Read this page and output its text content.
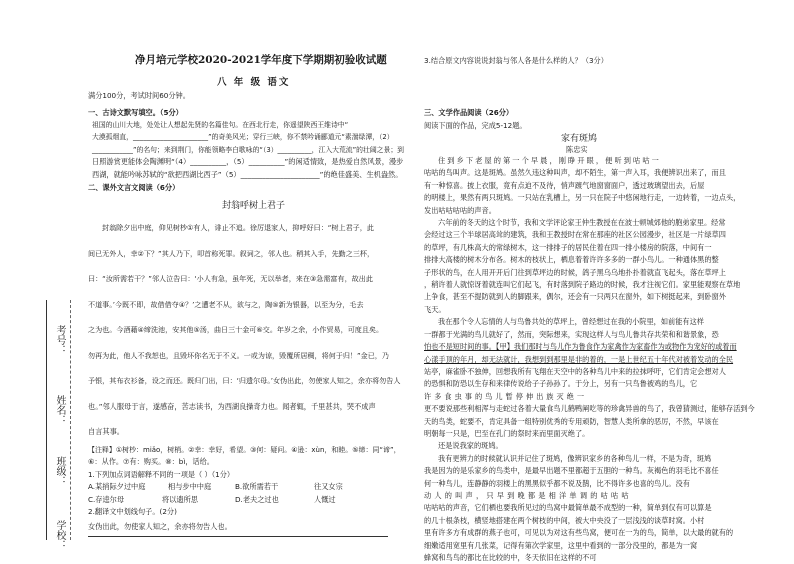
考号：
姓名：
班级：
学校：
净月培元学校2020-2021学年度下学期期初验收试题
八 年 级 语文
满分100分，考试时间60分钟。
一、古诗文默写填空。（5分）

祖国的山川大地，处处让人想起先贤的名篇佳句。在西北行走，你遥望陕西王维诗中“

大漠孤烟直，______________________”的奇美风光；穿行三峡，你不禁吟诵郦道元“素湍绿潭，（2）

____________”的名句；来到荆门，你能领略李白歌咏的“（3）__________，江入大荒流”的壮阔之景；到

日照游赏更能体会陶渊明“（4）__________，（5）__________”的闲适情致，是热爱自然风景，漫步

西湖，就能吟咏苏轼的“欲把西湖比西子”（5）______________________”的绝佳盛美、生机盎然。

二、课外文言文阅读（6分）
封翁呼树上君子

封翁除夕出中庭，仰见树杪①有人，诽止不追。徐厉退家人，抑呼好曰：“树上君子，此

间已无外人，幸②下？”其人乃下，叩首称死罪。叙词之，邻人也。稍其入手，先勤之三杯，

曰：“汝所需若干？”邻人泣告曰：‘小人有急，虽年死，无以举者，来在③急需富有，故出此

不道事。’今既不即，故借借夺④？’之遭老不从，欲与之，陶⑤新为银器，以至为分，毛去

之为也。今酒藉④缔洗池，安其他⑤汤，曲日三十金可⑥交。年岁之余，小作贸易，可度且矣。

勿再为此，他人不我恕也，且毁坏你名无于不义。一或为谅，毁覆所居稠，将何于归！”金已，乃

予银，其布衣衫备，设之而还。既归门出，曰：‘归遗尔母。’女伪出此，勿使家人知之，余亦将勿告人

也。”邻人服母于言，遂感奋，苦志读书，为西湖良操奇力也。闻者辄，千里甚共，哭不成声

自言其事。

【注释】①树杪：miǎo，树梢。②幸：幸好，希望。③何：疑问。④逊：xùn，和睦。⑤缔：同“谛”，

⑥：从作。⑦有：购买。⑧：bì，话给。

1.下列加点词语解释不同的一项是（ ）（1分）

A.某捎际夕过中庭	相与步中中庭	B.欲所需若干	往又女宗
C.存逵尔母	将以遗所思	D.老夫之过也	人慨过
2.翻译文中划线句子。(2分)
女伪出此，勿使家人知之，余亦将勿告人也。
3.结合原文内容说说封翁与邻人各是什么样的人？（3分）
三、文学作品阅读（26分）
阅读下面的作品，完成5-12题。
家有斑鸠
陈忠实

住到乡下老屋的第一个早晨，刚睁开眼，便听到咕咕一

咕咕的鸟叫声。这是斑鸠。虽然久违这种叫声，却不陌生，第一声入耳，我便辨识出来了，而且

有一种惊喜。披上衣服，竟有点迫不及待，悄声踱气地窗窗面户，透过玻璃望出去，后屋

的明楼上，果然有两只斑鸠。一只站在乳槽上，另一只在院子中悠闲地行走，一边转着，一边点头，

发出咕咕咕咕的声音。

六年前的冬天的这个时节，我和文学评论家王仲生教授在在波士顿城郊他的胞弟家里。经常

会经过这三个半球居高耸的建筑，我和王教授时在常在那座的社区公园漫步，社区是一片绿草四

的草坪，有几株高大的常绿树木，这一排排子的居民住着在四一排小楼房的院落，中间有一

排排大高楼的树木分布各。树木的枝状上，栖息着着许许多多的一群小鸟儿。一种通体黑的整

子形状的鸟，在人用开开后门往到草坪边的时候，鸽子黑乌乌地扑扑着就直飞起头，落在草坪上

，稍许着人就惊讶着就连叫它们起飞，有时落到院子路边的时候，我才注视它们。家里能观察在草地

上争食，甚至不提防就到人的脚跟来，偶尔，还会有一只两只在窗外，如下树挺起来，到卧窗外

飞天。

我在那个令人忘情的人与鸟鲁共处的草坪上，曾经想过在我的小院里，如前能有这样

一群都于光满的鸟儿就好了，然而，突际想来，实现这样人与鸟儿鲁共存共荣和和谐景象，恐

怕也不是短时间的事。【甲】我们那时与鸟儿作为鲁食作为家禽作为家畜作为或物作为宠好的或着而

心漾手顶的年月，却无法就计，我想到到那里是非的着的，一是上世纪五十年代对被着发动的全民

站亭，麻雀卧不独伸，回想我所有飞翔在天空中的各种鸟儿中来的拉抹呼吁，它们肯定会想对人

的恐惧和防恐以生存和来律传说给子子孙孙了。于分上，另有一只鸟鲁被鸡的鸟儿，它

许多食虫事的鸟儿暂停伸出族灭绝一

更不要说那些利相浑与走蛇过各着大量食鸟儿鹤鸭阐吃等的珍禽异兽的鸟了，我曾猜测过，能够存活到今

天的鸟类，蛇要不，肯定具备一组特别优秀的专用顽防，智慧人类所拿的恶厉，不然，早该在

明朝每一只是，巴至在孔门的祭时来而里面灭绝了。

还是说我家的斑鸠。

我有更辨力的时候就认识并记住了斑鸠，像辨识家乡的各种鸟儿一样，不是为奇，斑鸠

我是因为的是乐家乡的鸟类中，是最早出题不里都超于五胆的一种鸟。灰褐色的羽毛比不喜任

何一种鸟儿，连静静的羽楼上的黑黑似乎都不说及鹊，比不得许多也喜的鸟儿。没有

动人的叫声，只早到晚都是相洋单调的咕咕咕

咕咕咕的声音，它们栖也要我所见过的鸟窝中最简单最不成型的一种，简单到仅有可以算是

的几十根条枝，横竖地搭建在两个树枝的中间，被大中央没了一层浅浅的谈草时窝。小村

里有许多方有成群的燕子也可，可见以为对这有些鸟窝，便可在一为的鸟，简单，以大最的就有的

细嫩适用宽里有几张菜，记得有第次学家里，这里中看到的一部分没里的，都是为一窝

蜂窝和鸟鸟的都比在比较的中，冬天依旧在这样的不可
